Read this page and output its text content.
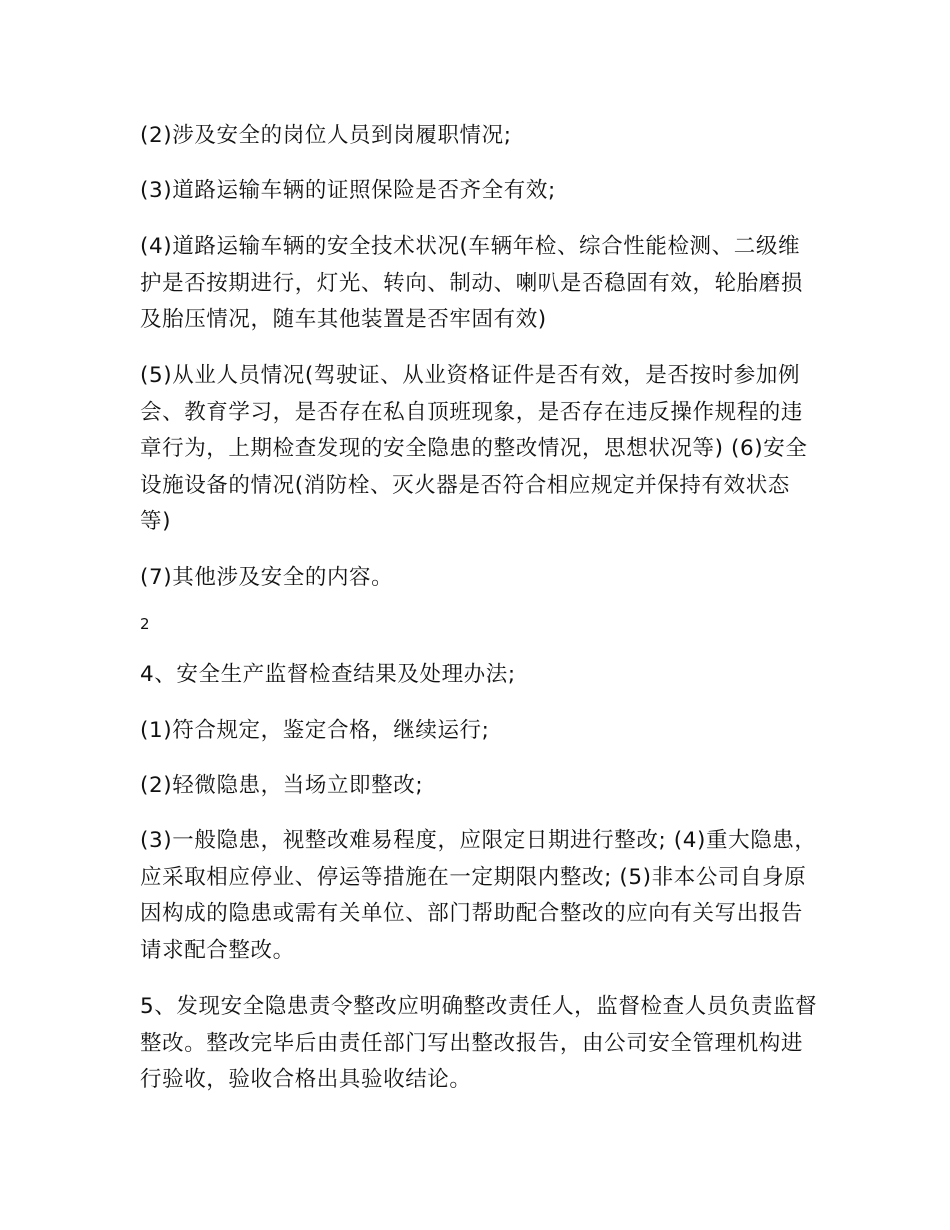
(2)涉及安全的岗位人员到岗履职情况;

(3)道路运输车辆的证照保险是否齐全有效;

(4)道路运输车辆的安全技术状况(车辆年检、综合性能检测、二级维护是否按期进行，灯光、转向、制动、喇叭是否稳固有效，轮胎磨损及胎压情况，随车其他装置是否牢固有效)

(5)从业人员情况(驾驶证、从业资格证件是否有效，是否按时参加例会、教育学习，是否存在私自顶班现象，是否存在违反操作规程的违章行为，上期检查发现的安全隐患的整改情况，思想状况等) (6)安全设施设备的情况(消防栓、灭火器是否符合相应规定并保持有效状态等)

(7)其他涉及安全的内容。

2

4、安全生产监督检查结果及处理办法;

(1)符合规定，鉴定合格，继续运行;

(2)轻微隐患，当场立即整改;

(3)一般隐患，视整改难易程度，应限定日期进行整改; (4)重大隐患，应采取相应停业、停运等措施在一定期限内整改; (5)非本公司自身原因构成的隐患或需有关单位、部门帮助配合整改的应向有关写出报告请求配合整改。

5、发现安全隐患责令整改应明确整改责任人，监督检查人员负责监督整改。整改完毕后由责任部门写出整改报告，由公司安全管理机构进行验收，验收合格出具验收结论。
